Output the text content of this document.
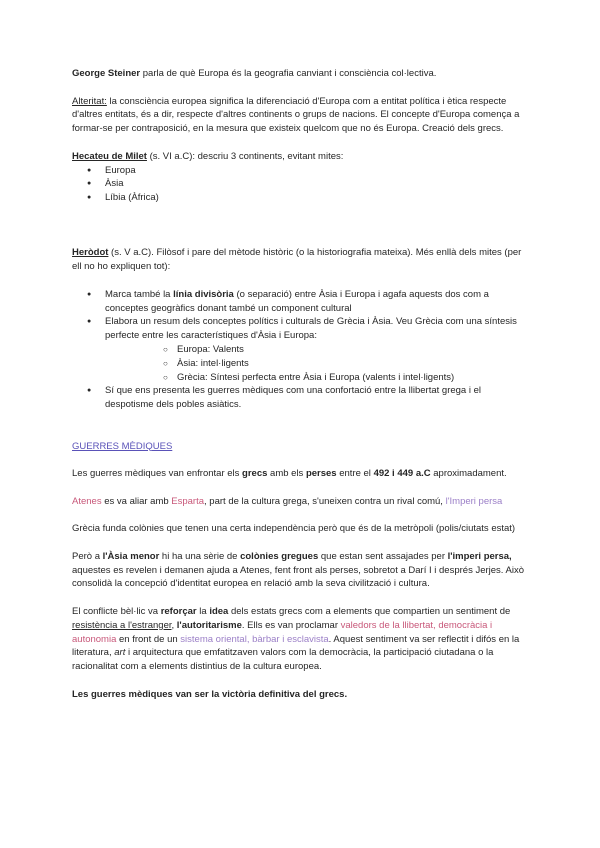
George Steiner parla de què Europa és la geografia canviant i consciència col·lectiva.

Alteritat: la consciència europea significa la diferenciació d'Europa com a entitat política i ètica respecte d'altres entitats, és a dir, respecte d'altres continents o grups de nacions. El concepte d'Europa comença a formar-se per contraposició, en la mesura que existeix quelcom que no és Europa. Creació dels grecs.

Hecateu de Milet (s. VI a.C): descriu 3 continents, evitant mites:

● Europa
● Àsia
● Líbia (Àfrica)

Heròdot (s. V a.C). Filòsof i pare del mètode històric (o la historiografia mateixa). Més enllà dels mites (per ell no ho expliquen tot):

● Marca també la línia divisòria (o separació) entre Àsia i Europa i agafa aquests dos com a conceptes geogràfics donant també un component cultural
● Elabora un resum dels conceptes polítics i culturals de Grècia i Àsia. Veu Grècia com una síntesis perfecte entre les característiques d'Àsia i Europa:
○ Europa: Valents
○ Àsia: intel·ligents
○ Grècia: Síntesi perfecta entre Àsia i Europa (valents i intel·ligents)
● Sí que ens presenta les guerres mèdiques com una confortació entre la llibertat grega i el despotisme dels pobles asiàtics.

GUERRES MÈDIQUES

Les guerres mèdiques van enfrontar els grecs amb els perses entre el 492 i 449 a.C aproximadament.

Atenes es va aliar amb Esparta, part de la cultura grega, s'uneixen contra un rival comú, l'Imperi persa

Grècia funda colònies que tenen una certa independència però que és de la metròpoli (polis/ciutats estat)

Però a l'Àsia menor hi ha una sèrie de colònies gregues que estan sent assajades per l'imperi persa, aquestes es revelen i demanen ajuda a Atenes, fent front als perses, sobretot a Darí I i després Jerjes. Això consolidà la concepció d'identitat europea en relació amb la seva civilització i cultura.

El conflicte bèl·lic va reforçar la idea dels estats grecs com a elements que compartien un sentiment de resistència a l'estranger, l'autoritarisme. Ells es van proclamar valedors de la llibertat, democràcia i autonomia en front de un sistema oriental, bàrbar i esclavista. Aquest sentiment va ser reflectit i difós en la literatura, art i arquitectura que emfatitzaven valors com la democràcia, la participació ciutadana o la racionalitat com a elements distintius de la cultura europea.

Les guerres mèdiques van ser la victòria definitiva del grecs.
